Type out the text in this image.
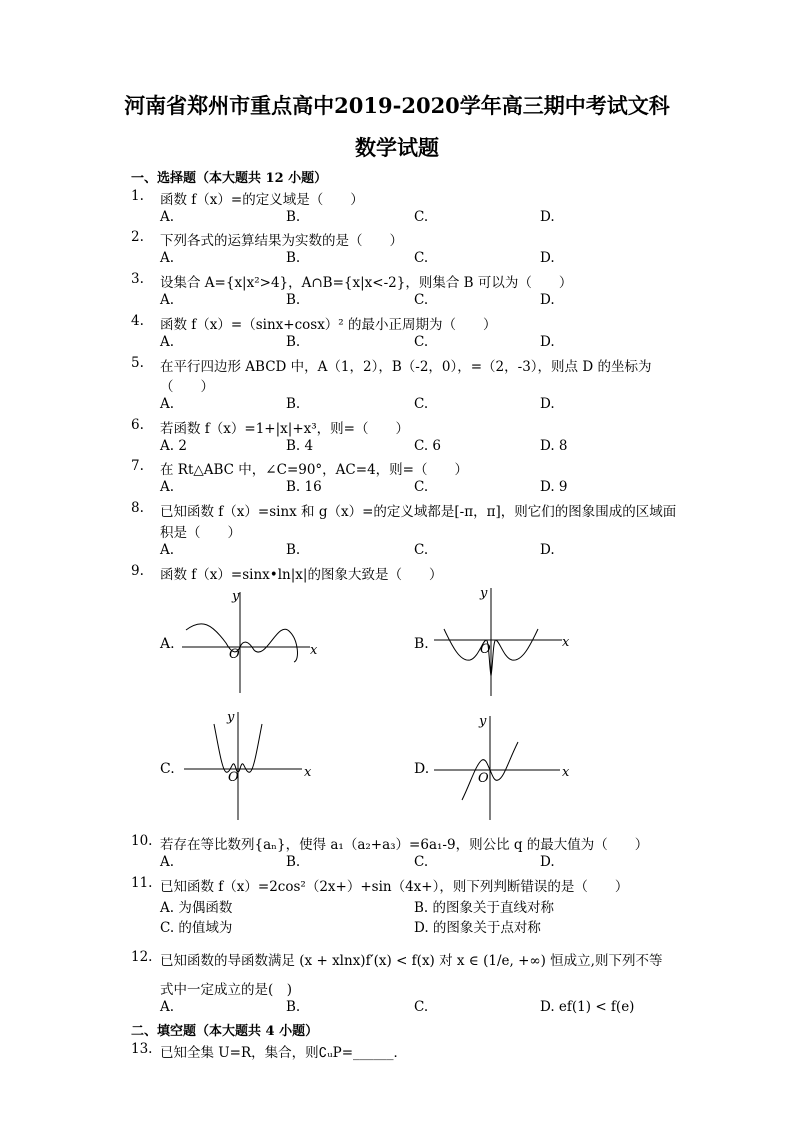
河南省郑州市重点高中2019-2020学年高三期中考试文科
数学试题
一、选择题（本大题共 12 小题）
1. 函数 f（x）=的定义域是（　　）
A.	B.	C.	D.
2. 下列各式的运算结果为实数的是（　　）
A.	B.	C.	D.
3. 设集合 A={x|x²>4}，A∩B={x|x<-2}，则集合 B 可以为（　　）
A.	B.	C.	D.
4. 函数 f（x）=（sinx+cosx）² 的最小正周期为（　　）
A.	B.	C.	D.
5. 在平行四边形 ABCD 中，A（1，2），B（-2，0），=（2，-3），则点 D 的坐标为
（　　）
A.	B.	C.	D.
6. 若函数 f（x）=1+|x|+x³，则=（　　）
A. 2	B. 4	C. 6	D. 8
7. 在 Rt△ABC 中，∠C=90°，AC=4，则=（　　）
A.	B. 16	C.	D. 9
8. 已知函数 f（x）=sinx 和 g（x）=的定义域都是[-π，π]，则它们的图象围成的区域面
积是（　　）
A.	B.	C.	D.
9. 函数 f（x）=sinx•ln|x|的图象大致是（　　）
A.	x
y
O
B.	x
y
O
C.	x
y
O
D.	x
y
O
10. 若存在等比数列{aₙ}，使得 a₁（a₂+a₃）=6a₁-9，则公比 q 的最大值为（　　）
A.	B.	C.	D.
11. 已知函数 f（x）=2cos²（2x+）+sin（4x+），则下列判断错误的是（　　）
A. 为偶函数	B. 的图象关于直线对称
C. 的值域为	D. 的图象关于点对称
12. 已知函数的导函数满足 (x + xlnx)f′(x) < f(x) 对 x ∈ (1/e, +∞) 恒成立,则下列不等
式中一定成立的是(　)
A.	B.	C.	D. ef(1) < f(e)
二、填空题（本大题共 4 小题）
13. 已知全集 U=R，集合，则∁ᵤP=______．
